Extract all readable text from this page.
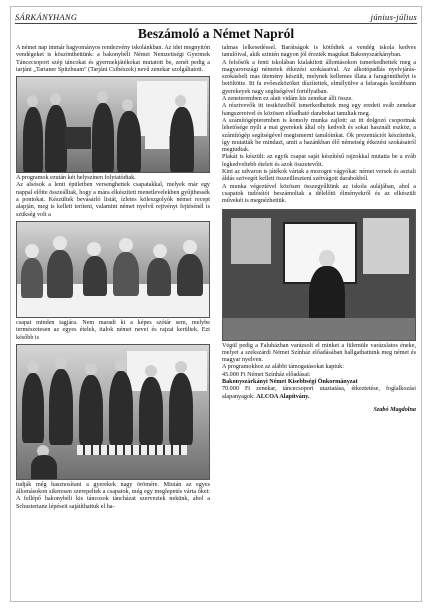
SÁRKÁNYHANG	június-július
Beszámoló a Német Napról

A német nap immár hagyományos rendezvény iskolánkban. Az idei megnyitón vendégeket is köszönthettünk: a bakonybéli Német Nemzetiségi Gyermek Táncecsoport szép táncokat és gyermekjátékokat mutatott be, zenét pedig a tarjáni „Tarianer Spitzbuam" (Tarjáni Csibészek) nevű zenekar szolgáltatott.

A programok ezután két helyszínen folytatódtak.

Az alsósok a lenti épületben versenghettek csapatakkal, melyek már egy nappal előtte összeálltak, hogy a mára elkészített menetlevelekben gyűjthessék a pontokat. Készültek bevásárló listát, ízletes köleszgolyók német recept alapján, meg is kellett teríteni, valamint német nyelvű rejtvényt fejtésénél is szükség volt a

csapat minden tagjára. Nem maradt ki a képes szótár sem, melybe természetesen az egyes ételek, italok német nevei és rajzai kerültek. Ezt később is

tudják még hasznosítani a gyerekek nagy örömére. Miután az egyes állomásokon sikeresen szerepeltek a csapatok, még egy meglepetés várta őket: A fellépő bakonybéli kis táncosok táncházat szerveztek nekünk, ahol a Schustertanz lépéseit sajátíthattuk el ha-

talmas lelkesedéssel. Barátságok is kötődtek a vendég iskola kedves tanulóival, akik szintén nagyon jól érezték magukat Bakonyszárkányban.

A felsősök a fenti iskolában kialakított állomásokon ismerkedhettek meg a magyarországi németek étkezési szokásaival. Az alkotópadlás nyelvjárás-szokásbeli mas ütemény készült, melynek kellemes illata a faragómühelyt is betöltötte. Itt fa evőeszközöket díszítettek, elmélyülve a fafaragás korábbann gyerekeyek nagy segítségével fortélyaiban.

A zeneteremben ez alatt vidám kis zenekar állt össze.

A résztvevők itt testközelből ismerkedhettek meg egy eredeti sváb zenekar hangszereivel és közösen előadható darabokat tanultak meg.

A számítógépteremben is komoly munka zajlott: az itt dolgozó csoportnak lehetősége nyílt a mai gyerekek által oly kedvelt és sokat használt eszköz, a számítógép segítségével megismerni tanulóinkat. Ók prezentációt készítettek, így mutatták be mindazt, amit a hazánkban élő németség étkezési szokásairól megtudtak.

Plakát is készült: az egyik csapat saját készítésű rajzokkal mutatta be a sváb legkedveltebb ételeit és azok összetevőit.

Kint az udvaron is játékok vártak a mozogni vágyókat: német versek és asztali áldás szövegét kellett összeillesztení szétvágott darabokból.

A munka végeztével közösen összegyűltünk az iskola aulájában, ahol a csapatok tudósítói beszámoltak a délelőtti élményekről és az elkészült művekét is megnézhettük.

Végül pedig a Faluházban varázsolt el minket a fülemüle varázslatos éneke, melyet a szekszárdi Német Színház előadásában hallgathattunk meg német és magyar nyelven.

A programokhoz az alábbi támogatásokat kaptuk:

45.000 Ft Német Színház előadásai:

Bakonyszárkányi Német Kisebbségi Önkormányzat

70.000 Ft zenekar, táncecsoport utaztatása, étkeztetése, foglalkozási alapanyagok: ALCOA Alapítvány.

Szabó Magdolna
